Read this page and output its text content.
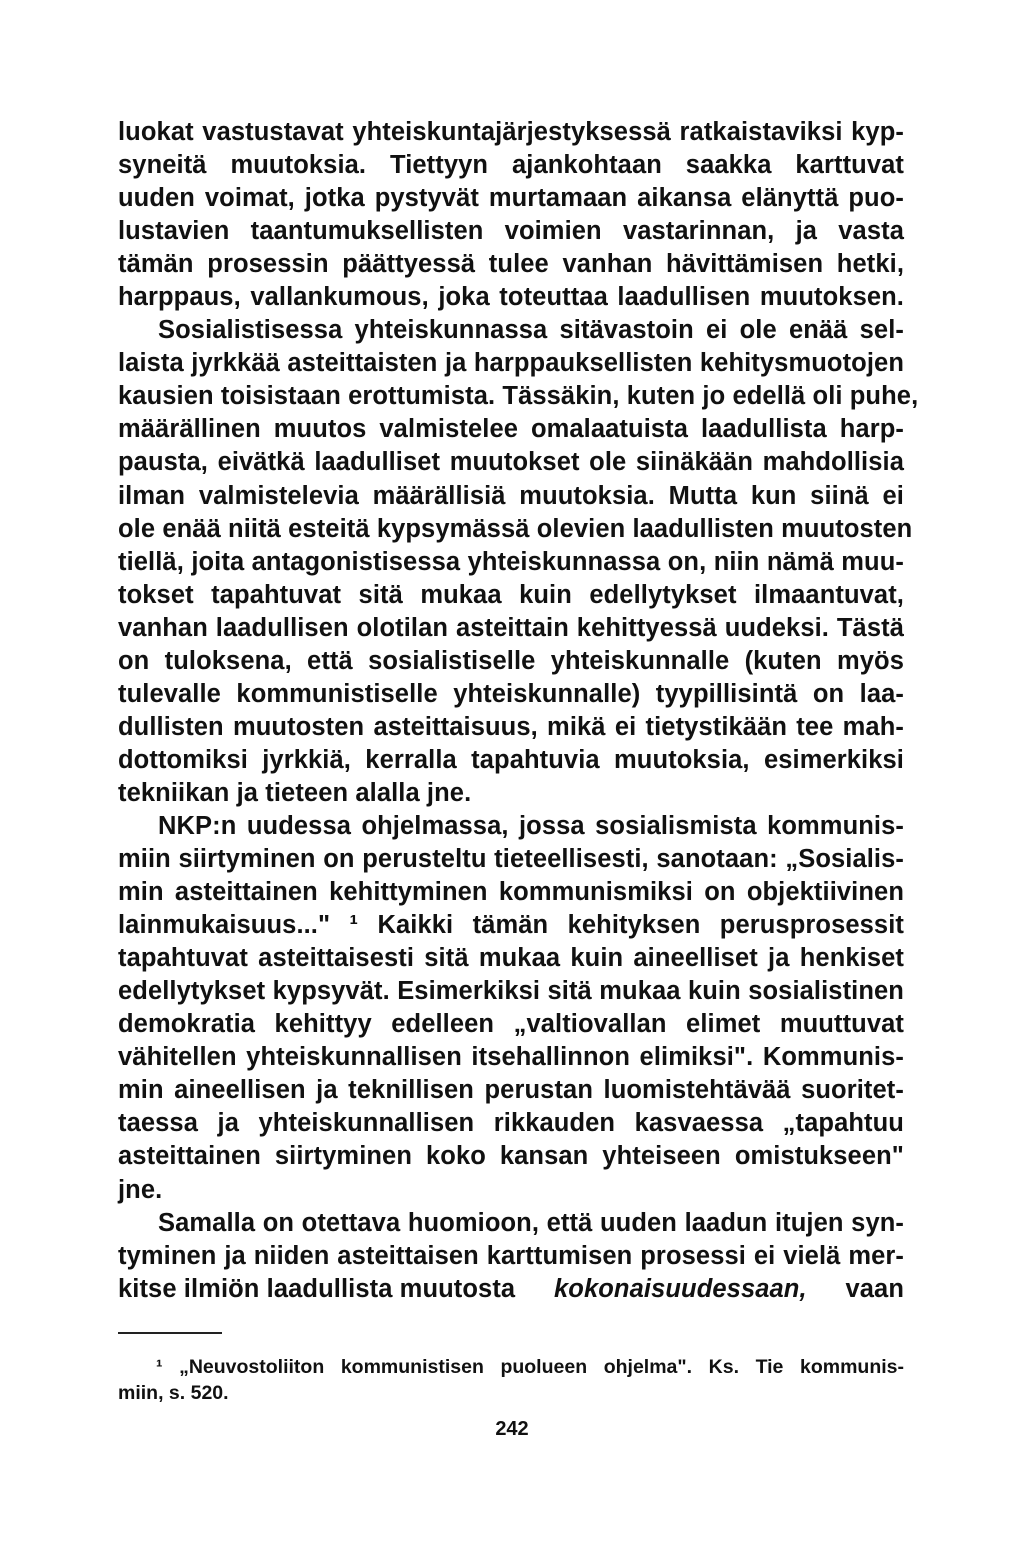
luokat vastustavat yhteiskuntajärjestyksessä ratkaistaviksi kyp-
syneitä muutoksia. Tiettyyn ajankohtaan saakka karttuvat
uuden voimat, jotka pystyvät murtamaan aikansa elänyttä puo-
lustavien taantumuksellisten voimien vastarinnan, ja vasta
tämän prosessin päättyessä tulee vanhan hävittämisen hetki,
harppaus, vallankumous, joka toteuttaa laadullisen muutoksen.
Sosialistisessa yhteiskunnassa sitävastoin ei ole enää sel-
laista jyrkkää asteittaisten ja harppauksellisten kehitysmuotojen
kausien toisistaan erottumista. Tässäkin, kuten jo edellä oli puhe,
määrällinen muutos valmistelee omalaatuista laadullista harp-
pausta, eivätkä laadulliset muutokset ole siinäkään mahdollisia
ilman valmistelevia määrällisiä muutoksia. Mutta kun siinä ei
ole enää niitä esteitä kypsymässä olevien laadullisten muutosten
tiellä, joita antagonistisessa yhteiskunnassa on, niin nämä muu-
tokset tapahtuvat sitä mukaa kuin edellytykset ilmaantuvat,
vanhan laadullisen olotilan asteittain kehittyessä uudeksi. Tästä
on tuloksena, että sosialistiselle yhteiskunnalle (kuten myös
tulevalle kommunistiselle yhteiskunnalle) tyypillisintä on laa-
dullisten muutosten asteittaisuus, mikä ei tietystikään tee mah-
dottomiksi jyrkkiä, kerralla tapahtuvia muutoksia, esimerkiksi
tekniikan ja tieteen alalla jne.
NKP:n uudessa ohjelmassa, jossa sosialismista kommunis-
miin siirtyminen on perusteltu tieteellisesti, sanotaan: „Sosialis-
min asteittainen kehittyminen kommunismiksi on objektiivinen
lainmukaisuus..." ¹ Kaikki tämän kehityksen perusprosessit
tapahtuvat asteittaisesti sitä mukaa kuin aineelliset ja henkiset
edellytykset kypsyvät. Esimerkiksi sitä mukaa kuin sosialistinen
demokratia kehittyy edelleen „valtiovallan elimet muuttuvat
vähitellen yhteiskunnallisen itsehallinnon elimiksi". Kommunis-
min aineellisen ja teknillisen perustan luomistehtävää suoritet-
taessa ja yhteiskunnallisen rikkauden kasvaessa „tapahtuu
asteittainen siirtyminen koko kansan yhteiseen omistukseen"
jne.
Samalla on otettava huomioon, että uuden laadun itujen syn-
tyminen ja niiden asteittaisen karttumisen prosessi ei vielä mer-
kitse ilmiön laadullista muutosta kokonaisuudessaan, vaan
¹ „Neuvostoliiton kommunistisen puolueen ohjelma". Ks. Tie kommunis-
miin, s. 520.
242
